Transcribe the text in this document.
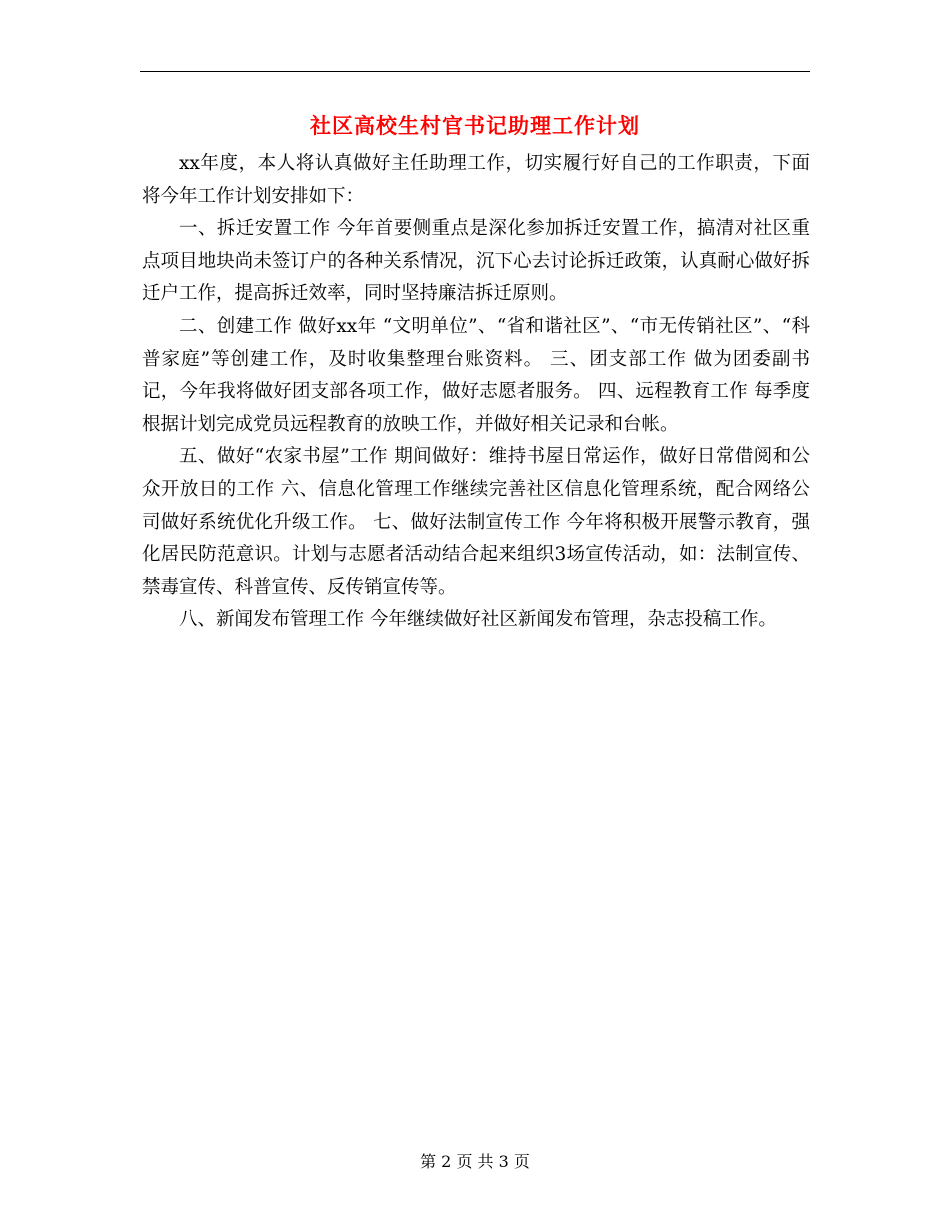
社区高校生村官书记助理工作计划

xx年度，本人将认真做好主任助理工作，切实履行好自己的工作职责，下面将今年工作计划安排如下：

一、拆迁安置工作 今年首要侧重点是深化参加拆迁安置工作，搞清对社区重点项目地块尚未签订户的各种关系情况，沉下心去讨论拆迁政策，认真耐心做好拆迁户工作，提高拆迁效率，同时坚持廉洁拆迁原则。

二、创建工作 做好xx年 “文明单位”、“省和谐社区”、“市无传销社区”、“科普家庭”等创建工作，及时收集整理台账资料。 三、团支部工作 做为团委副书记，今年我将做好团支部各项工作，做好志愿者服务。 四、远程教育工作 每季度根据计划完成党员远程教育的放映工作，并做好相关记录和台帐。

五、做好“农家书屋”工作 期间做好：维持书屋日常运作，做好日常借阅和公众开放日的工作 六、信息化管理工作继续完善社区信息化管理系统，配合网络公司做好系统优化升级工作。 七、做好法制宣传工作 今年将积极开展警示教育，强化居民防范意识。计划与志愿者活动结合起来组织3场宣传活动，如：法制宣传、禁毒宣传、科普宣传、反传销宣传等。

八、新闻发布管理工作 今年继续做好社区新闻发布管理，杂志投稿工作。

第 2 页 共 3 页
